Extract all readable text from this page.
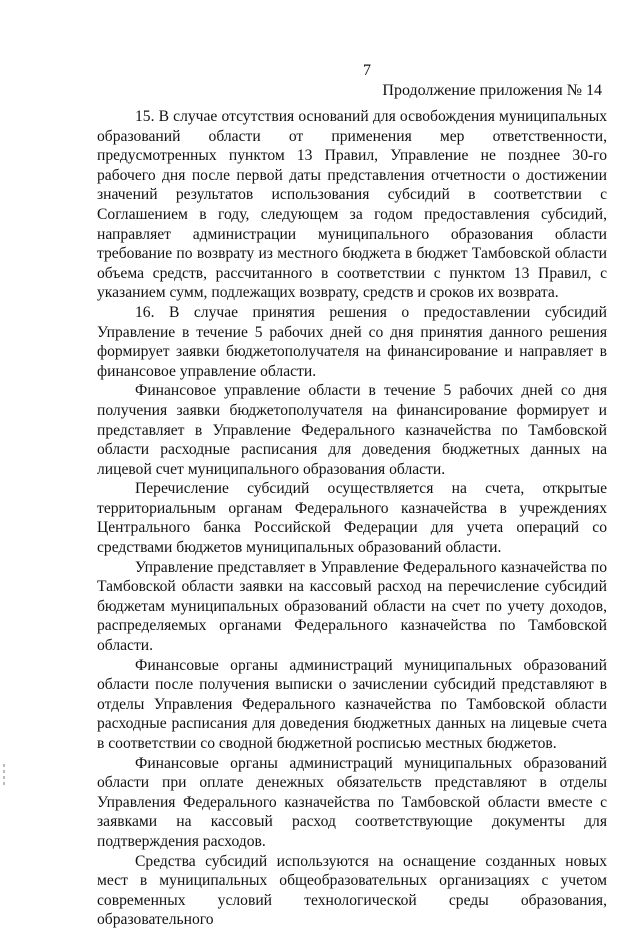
7
Продолжение приложения № 14

15. В случае отсутствия оснований для освобождения муниципальных образований области от применения мер ответственности, предусмотренных пунктом 13 Правил, Управление не позднее 30-го рабочего дня после первой даты представления отчетности о достижении значений результатов использования субсидий в соответствии с Соглашением в году, следующем за годом предоставления субсидий, направляет администрации муниципального образования области требование по возврату из местного бюджета в бюджет Тамбовской области объема средств, рассчитанного в соответствии с пунктом 13 Правил, с указанием сумм, подлежащих возврату, средств и сроков их возврата.

16. В случае принятия решения о предоставлении субсидий Управление в течение 5 рабочих дней со дня принятия данного решения формирует заявки бюджетополучателя на финансирование и направляет в финансовое управление области.

Финансовое управление области в течение 5 рабочих дней со дня получения заявки бюджетополучателя на финансирование формирует и представляет в Управление Федерального казначейства по Тамбовской области расходные расписания для доведения бюджетных данных на лицевой счет муниципального образования области.

Перечисление субсидий осуществляется на счета, открытые территориальным органам Федерального казначейства в учреждениях Центрального банка Российской Федерации для учета операций со средствами бюджетов муниципальных образований области.

Управление представляет в Управление Федерального казначейства по Тамбовской области заявки на кассовый расход на перечисление субсидий бюджетам муниципальных образований области на счет по учету доходов, распределяемых органами Федерального казначейства по Тамбовской области.

Финансовые органы администраций муниципальных образований области после получения выписки о зачислении субсидий представляют в отделы Управления Федерального казначейства по Тамбовской области расходные расписания для доведения бюджетных данных на лицевые счета в соответствии со сводной бюджетной росписью местных бюджетов.

Финансовые органы администраций муниципальных образований области при оплате денежных обязательств представляют в отделы Управления Федерального казначейства по Тамбовской области вместе с заявками на кассовый расход соответствующие документы для подтверждения расходов.

Средства субсидий используются на оснащение созданных новых мест в муниципальных общеобразовательных организациях с учетом современных условий технологической среды образования, образовательного
